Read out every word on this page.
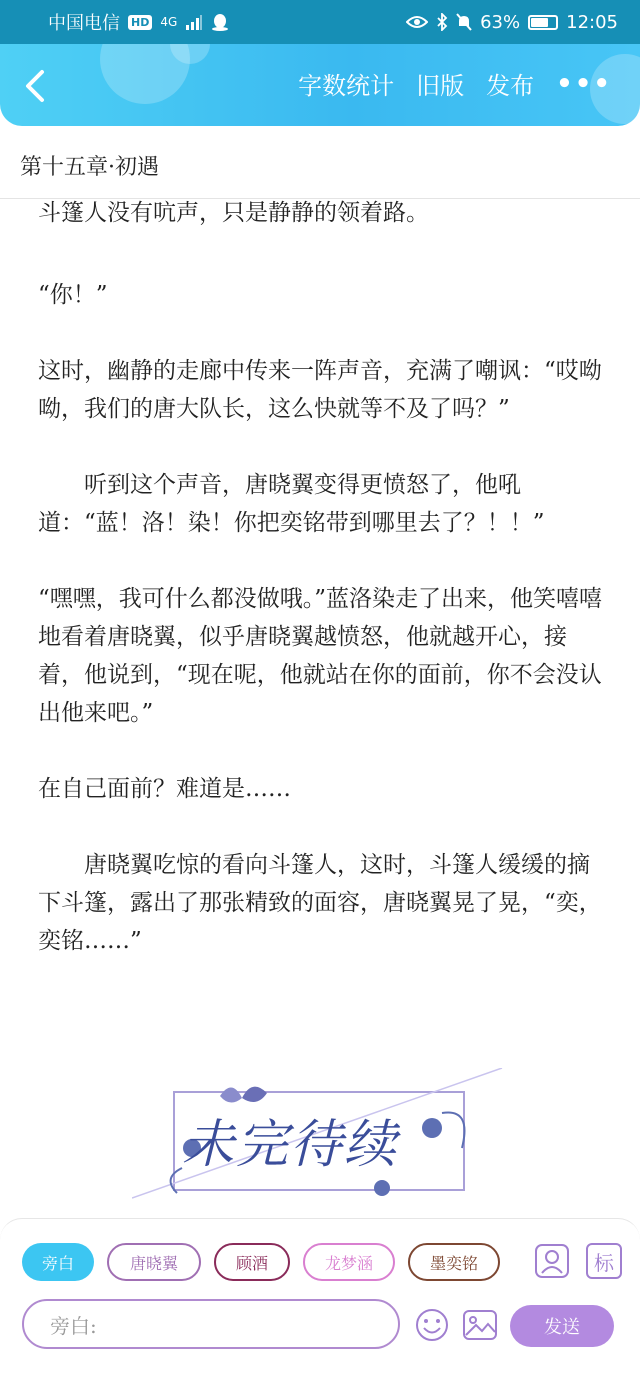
中国电信 HD 4G	63%	12:05
字数统计 旧版 发布 •••
第十五章·初遇
斗篷人没有吭声，只是静静的领着路。

“你！”

这时，幽静的走廊中传来一阵声音，充满了嘲讽：“哎呦呦，我们的唐大队长，这么快就等不及了吗？”

听到这个声音，唐晓翼变得更愤怒了，他吼道：“蓝！洛！染！你把奕铭带到哪里去了？！！”

“嘿嘿，我可什么都没做哦。”蓝洛染走了出来，他笑嘻嘻地看着唐晓翼，似乎唐晓翼越愤怒，他就越开心，接着，他说到，“现在呢，他就站在你的面前，你不会没认出他来吧。”

在自己面前？难道是……

唐晓翼吃惊的看向斗篷人，这时，斗篷人缓缓的摘下斗篷，露出了那张精致的面容，唐晓翼晃了晃，“奕，奕铭……”

未完待续
旁白	唐晓翼	顾酒	龙梦涵	墨奕铭	标
旁白:	发送
